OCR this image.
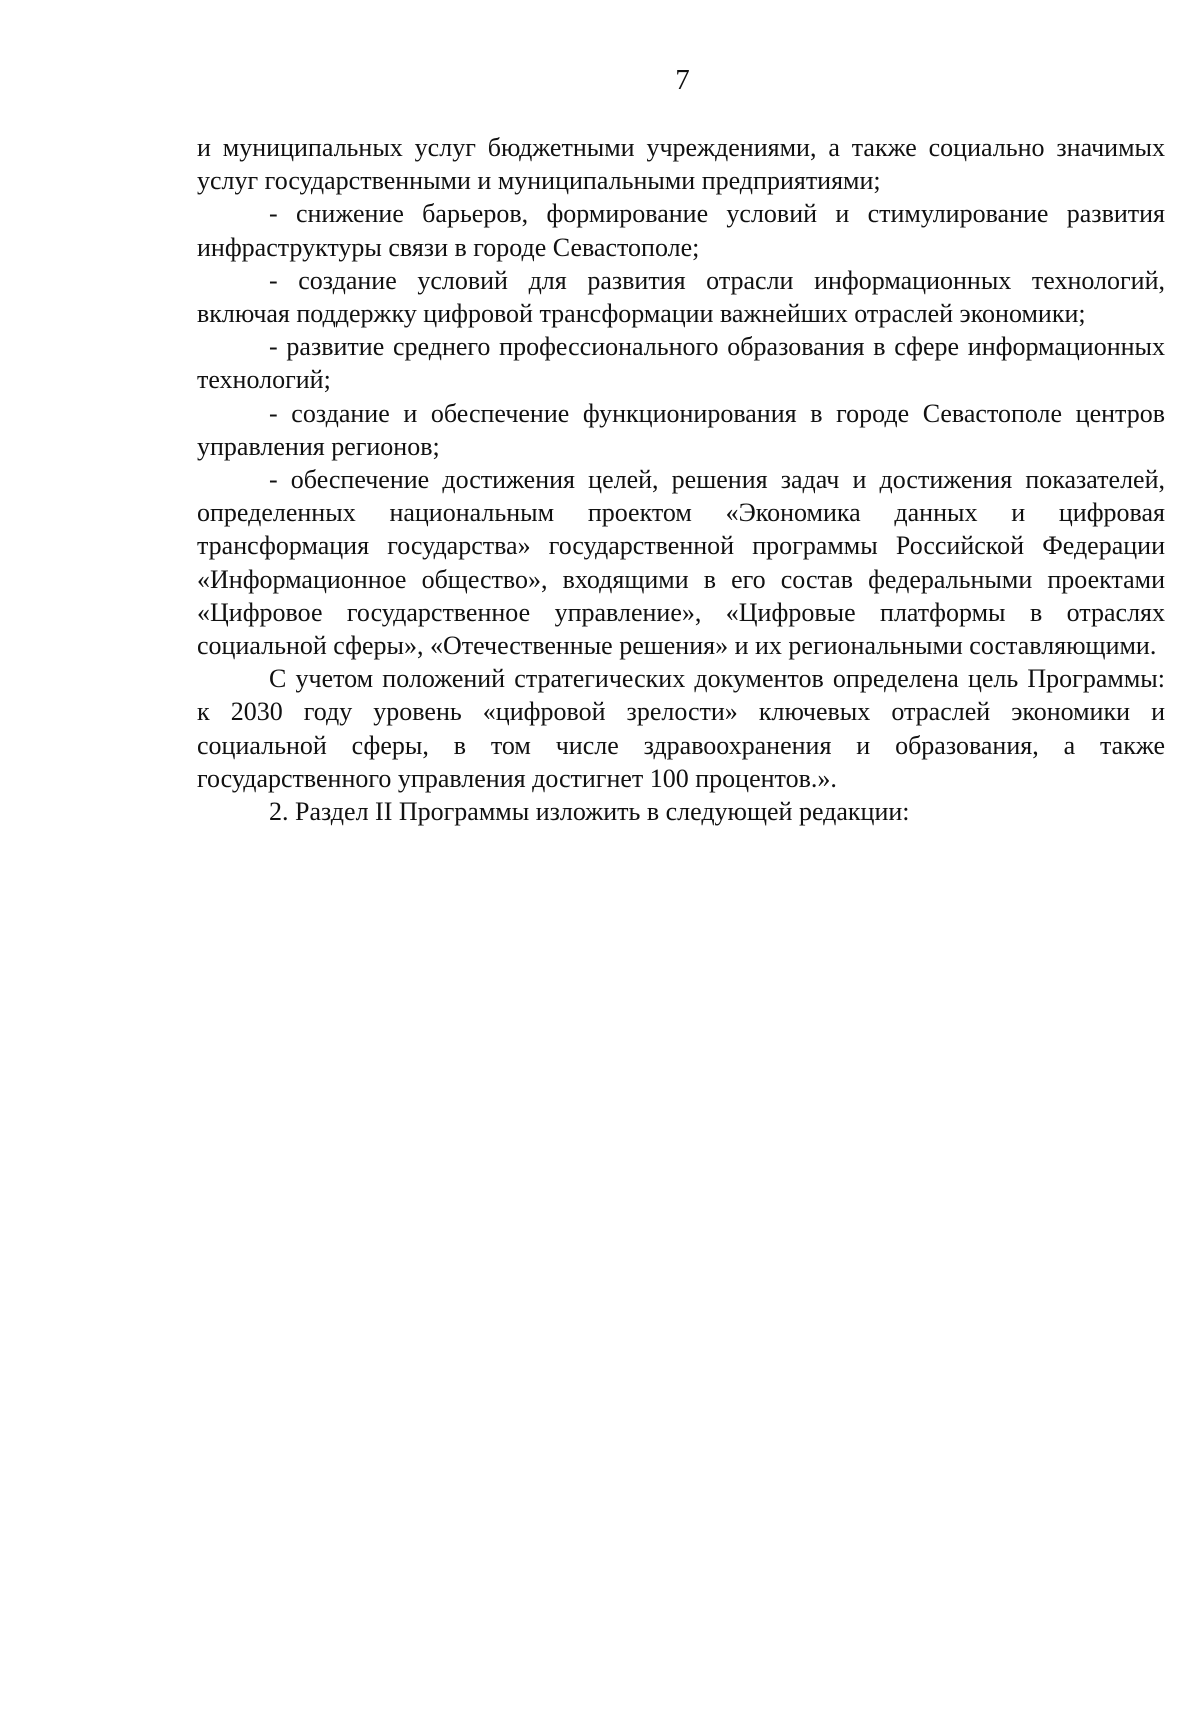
7

и муниципальных услуг бюджетными учреждениями, а также социально значимых услуг государственными и муниципальными предприятиями;

- снижение барьеров, формирование условий и стимулирование развития инфраструктуры связи в городе Севастополе;

- создание условий для развития отрасли информационных технологий, включая поддержку цифровой трансформации важнейших отраслей экономики;

- развитие среднего профессионального образования в сфере информационных технологий;

- создание и обеспечение функционирования в городе Севастополе центров управления регионов;

- обеспечение достижения целей, решения задач и достижения показателей, определенных национальным проектом «Экономика данных и цифровая трансформация государства» государственной программы Российской Федерации «Информационное общество», входящими в его состав федеральными проектами «Цифровое государственное управление», «Цифровые платформы в отраслях социальной сферы», «Отечественные решения» и их региональными составляющими.

С учетом положений стратегических документов определена цель Программы: к 2030 году уровень «цифровой зрелости» ключевых отраслей экономики и социальной сферы, в том числе здравоохранения и образования, а также государственного управления достигнет 100 процентов.».

2. Раздел II Программы изложить в следующей редакции:
